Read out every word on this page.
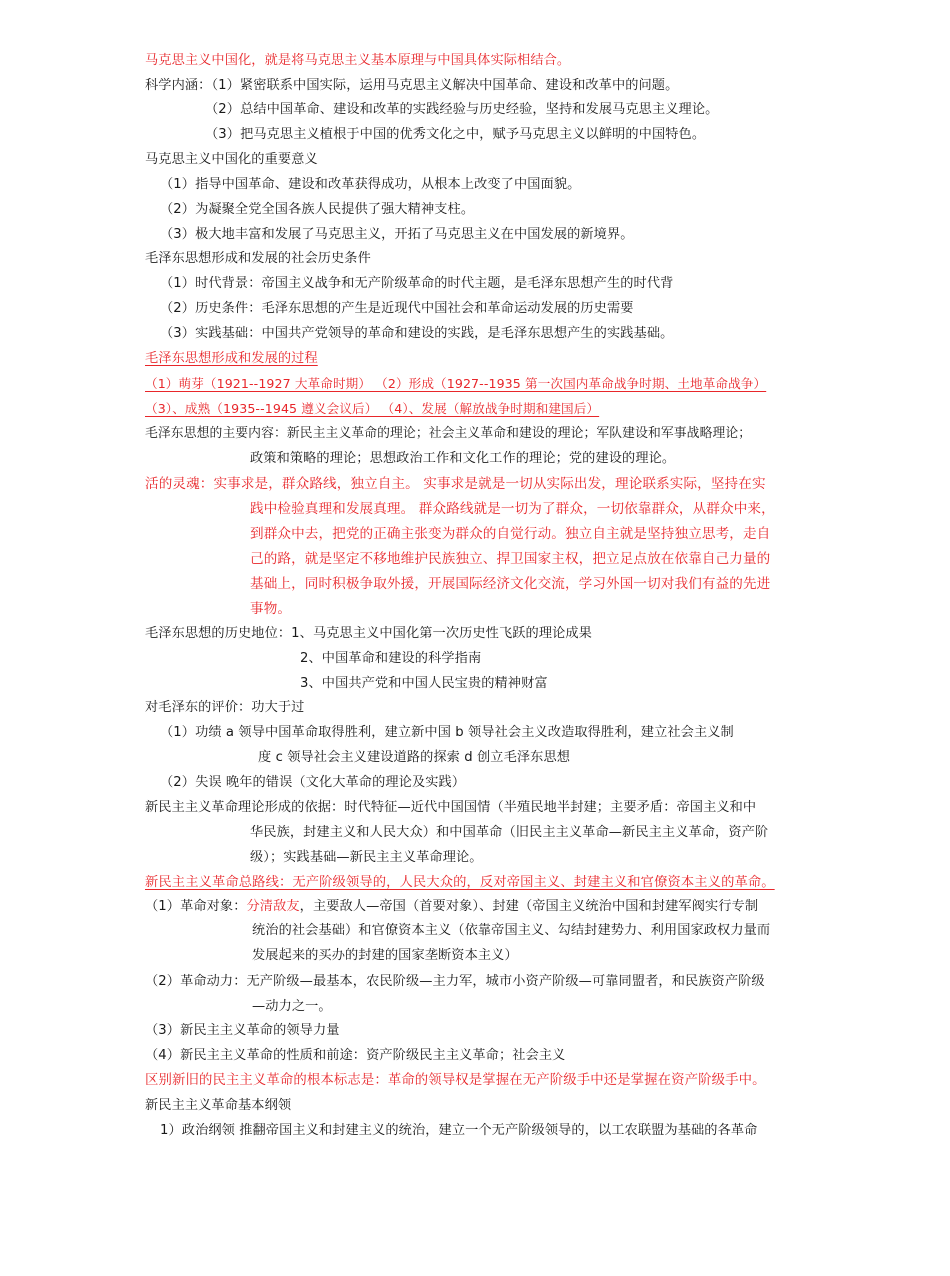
马克思主义中国化，就是将马克思主义基本原理与中国具体实际相结合。
科学内涵：（1）紧密联系中国实际，运用马克思主义解决中国革命、建设和改革中的问题。
（2）总结中国革命、建设和改革的实践经验与历史经验，坚持和发展马克思主义理论。
（3）把马克思主义植根于中国的优秀文化之中，赋予马克思主义以鲜明的中国特色。
马克思主义中国化的重要意义
（1）指导中国革命、建设和改革获得成功，从根本上改变了中国面貌。
（2）为凝聚全党全国各族人民提供了强大精神支柱。
（3）极大地丰富和发展了马克思主义，开拓了马克思主义在中国发展的新境界。
毛泽东思想形成和发展的社会历史条件
（1）时代背景：帝国主义战争和无产阶级革命的时代主题，是毛泽东思想产生的时代背
（2）历史条件：毛泽东思想的产生是近现代中国社会和革命运动发展的历史需要
（3）实践基础：中国共产党领导的革命和建设的实践，是毛泽东思想产生的实践基础。
毛泽东思想形成和发展的过程
（1）萌芽（1921--1927 大革命时期） （2）形成（1927--1935 第一次国内革命战争时期、土地革命战争）
（3）、成熟（1935--1945 遵义会议后） （4）、发展（解放战争时期和建国后）
毛泽东思想的主要内容：新民主主义革命的理论；社会主义革命和建设的理论；军队建设和军事战略理论；
政策和策略的理论；思想政治工作和文化工作的理论；党的建设的理论。
活的灵魂：实事求是，群众路线，独立自主。 实事求是就是一切从实际出发，理论联系实际，坚持在实
践中检验真理和发展真理。 群众路线就是一切为了群众，一切依靠群众，从群众中来，
到群众中去，把党的正确主张变为群众的自觉行动。独立自主就是坚持独立思考，走自
己的路，就是坚定不移地维护民族独立、捍卫国家主权，把立足点放在依靠自己力量的
基础上，同时积极争取外援，开展国际经济文化交流，学习外国一切对我们有益的先进
事物。
毛泽东思想的历史地位：1、马克思主义中国化第一次历史性飞跃的理论成果
2、中国革命和建设的科学指南
3、中国共产党和中国人民宝贵的精神财富
对毛泽东的评价：功大于过
（1）功绩 a 领导中国革命取得胜利，建立新中国 b 领导社会主义改造取得胜利，建立社会主义制
度 c 领导社会主义建设道路的探索 d 创立毛泽东思想
（2）失误 晚年的错误（文化大革命的理论及实践）
新民主主义革命理论形成的依据：时代特征—近代中国国情（半殖民地半封建；主要矛盾：帝国主义和中
华民族，封建主义和人民大众）和中国革命（旧民主主义革命—新民主主义革命，资产阶
级）；实践基础—新民主主义革命理论。
新民主主义革命总路线：无产阶级领导的，人民大众的，反对帝国主义、封建主义和官僚资本主义的革命。
（1）革命对象：分清敌友，主要敌人—帝国（首要对象）、封建（帝国主义统治中国和封建军阀实行专制
统治的社会基础）和官僚资本主义（依靠帝国主义、勾结封建势力、利用国家政权力量而
发展起来的买办的封建的国家垄断资本主义）
（2）革命动力：无产阶级—最基本，农民阶级—主力军，城市小资产阶级—可靠同盟者，和民族资产阶级
—动力之一。
（3）新民主主义革命的领导力量
（4）新民主主义革命的性质和前途：资产阶级民主主义革命；社会主义
区别新旧的民主主义革命的根本标志是：革命的领导权是掌握在无产阶级手中还是掌握在资产阶级手中。
新民主主义革命基本纲领
1）政治纲领 推翻帝国主义和封建主义的统治，建立一个无产阶级领导的，以工农联盟为基础的各革命
